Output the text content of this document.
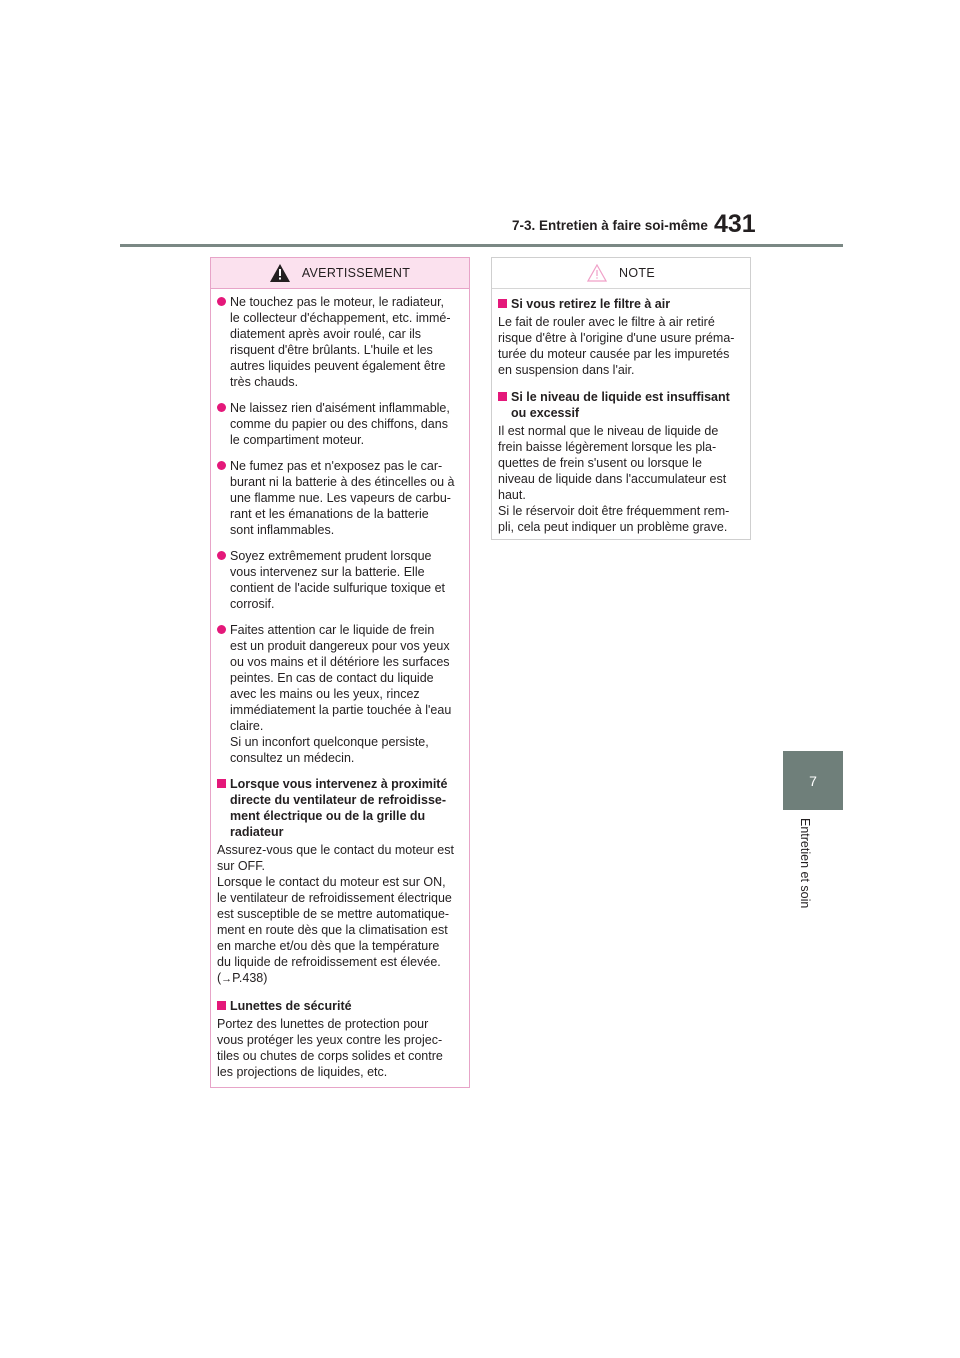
7-3. Entretien à faire soi-même 431
7
Entretien et soin
AVERTISSEMENT
Ne touchez pas le moteur, le radiateur,
le collecteur d'échappement, etc. immé-
diatement après avoir roulé, car ils
risquent d'être brûlants. L'huile et les
autres liquides peuvent également être
très chauds.
Ne laissez rien d'aisément inflammable,
comme du papier ou des chiffons, dans
le compartiment moteur.
Ne fumez pas et n'exposez pas le car-
burant ni la batterie à des étincelles ou à
une flamme nue. Les vapeurs de carbu-
rant et les émanations de la batterie
sont inflammables.
Soyez extrêmement prudent lorsque
vous intervenez sur la batterie. Elle
contient de l'acide sulfurique toxique et
corrosif.
Faites attention car le liquide de frein
est un produit dangereux pour vos yeux
ou vos mains et il détériore les surfaces
peintes. En cas de contact du liquide
avec les mains ou les yeux, rincez
immédiatement la partie touchée à l'eau
claire.
Si un inconfort quelconque persiste,
consultez un médecin.
Lorsque vous intervenez à proximité
directe du ventilateur de refroidisse-
ment électrique ou de la grille du
radiateur
Assurez-vous que le contact du moteur est
sur OFF.
Lorsque le contact du moteur est sur ON,
le ventilateur de refroidissement électrique
est susceptible de se mettre automatique-
ment en route dès que la climatisation est
en marche et/ou dès que la température
du liquide de refroidissement est élevée.
(→P.438)
Lunettes de sécurité
Portez des lunettes de protection pour
vous protéger les yeux contre les projec-
tiles ou chutes de corps solides et contre
les projections de liquides, etc.
NOTE
Si vous retirez le filtre à air
Le fait de rouler avec le filtre à air retiré
risque d'être à l'origine d'une usure préma-
turée du moteur causée par les impuretés
en suspension dans l'air.
Si le niveau de liquide est insuffisant
ou excessif
Il est normal que le niveau de liquide de
frein baisse légèrement lorsque les pla-
quettes de frein s'usent ou lorsque le
niveau de liquide dans l'accumulateur est
haut.
Si le réservoir doit être fréquemment rem-
pli, cela peut indiquer un problème grave.
